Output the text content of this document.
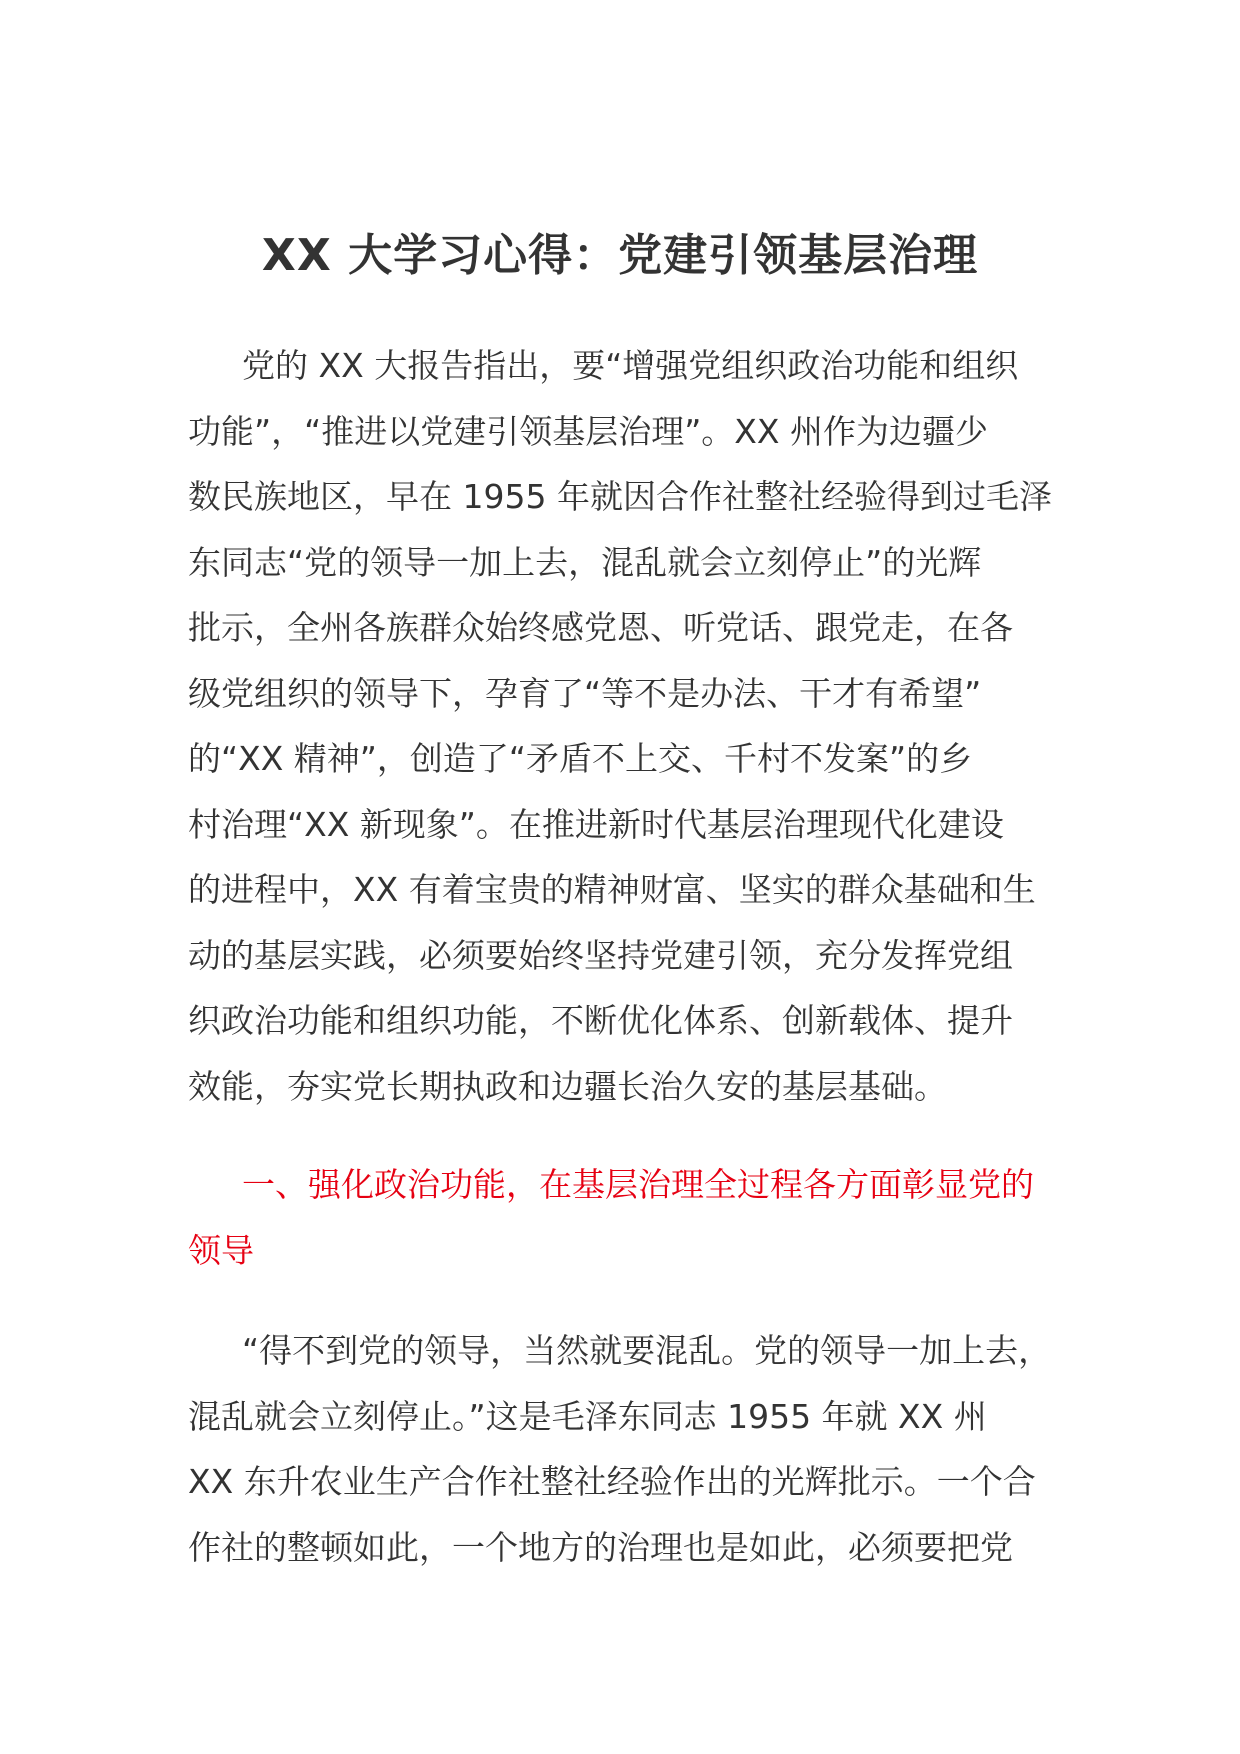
XX 大学习心得：党建引领基层治理
党的 XX 大报告指出，要“增强党组织政治功能和组织
功能”，“推进以党建引领基层治理”。XX 州作为边疆少
数民族地区，早在 1955 年就因合作社整社经验得到过毛泽
东同志“党的领导一加上去，混乱就会立刻停止”的光辉
批示，全州各族群众始终感党恩、听党话、跟党走，在各
级党组织的领导下，孕育了“等不是办法、干才有希望”
的“XX 精神”，创造了“矛盾不上交、千村不发案”的乡
村治理“XX 新现象”。在推进新时代基层治理现代化建设
的进程中，XX 有着宝贵的精神财富、坚实的群众基础和生
动的基层实践，必须要始终坚持党建引领，充分发挥党组
织政治功能和组织功能，不断优化体系、创新载体、提升
效能，夯实党长期执政和边疆长治久安的基层基础。
一、强化政治功能，在基层治理全过程各方面彰显党的
领导
“得不到党的领导，当然就要混乱。党的领导一加上去，
混乱就会立刻停止。”这是毛泽东同志 1955 年就 XX 州
XX 东升农业生产合作社整社经验作出的光辉批示。一个合
作社的整顿如此，一个地方的治理也是如此，必须要把党
